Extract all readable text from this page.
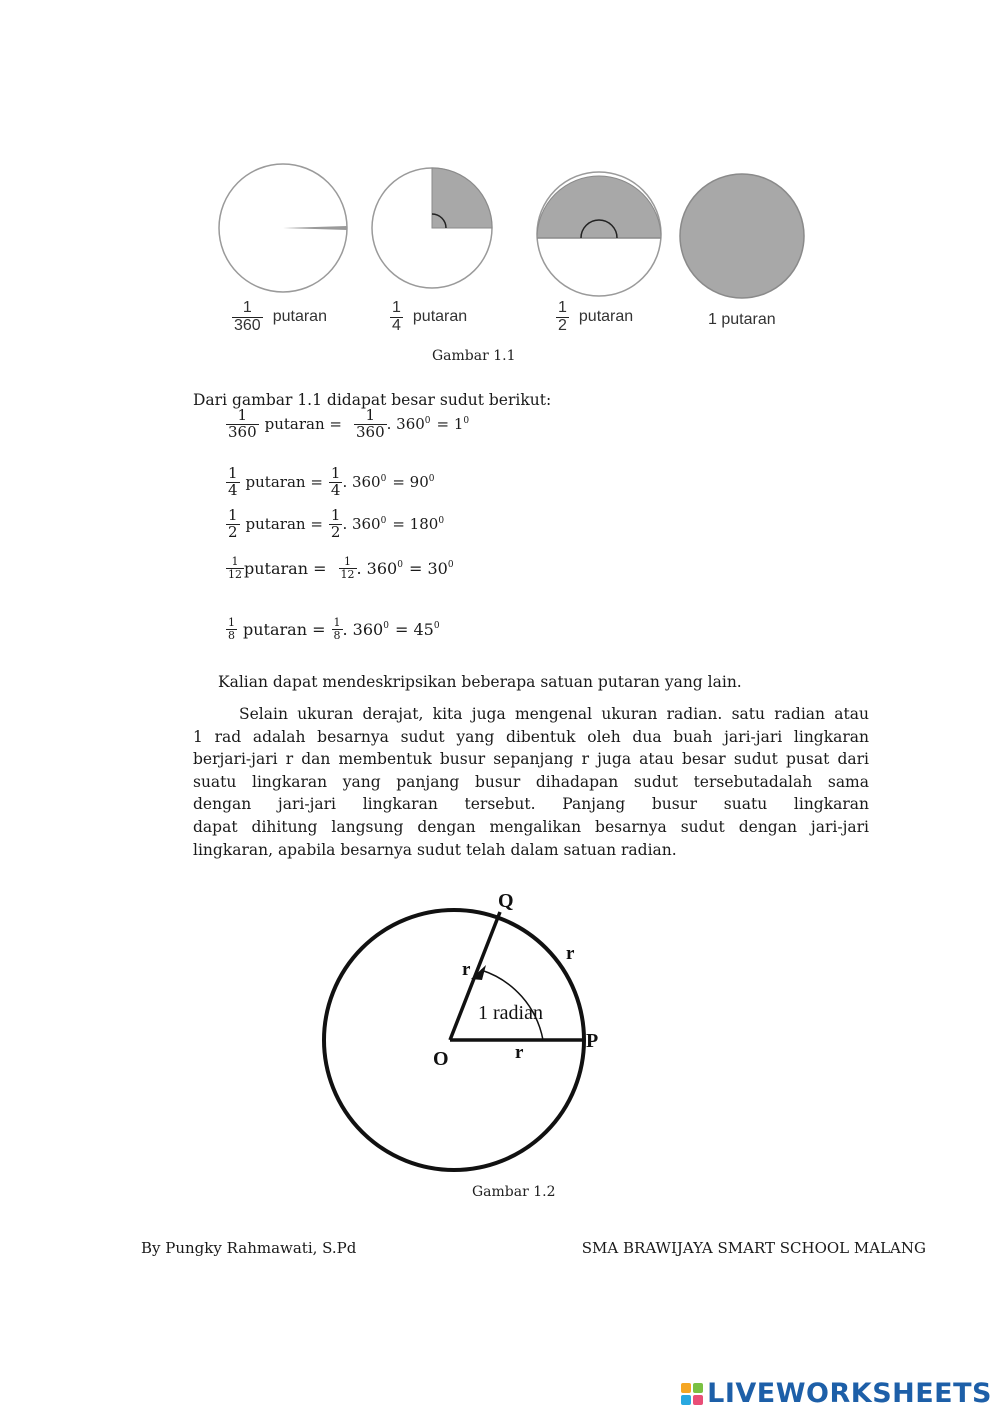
$\frac{1}{360}$ putaran	$\frac{1}{4}$ putaran	$\frac{1}{2}$ putaran	1 putaran
Gambar 1.1
Dari gambar 1.1 didapat besar sudut berikut:
$\frac{1}{360}$ putaran = $\frac{1}{360}$ . $360^0 = 1^0$
$\frac{1}{4}$ putaran = $\frac{1}{4}$ . $360^0 = 90^0$
$\frac{1}{2}$ putaran = $\frac{1}{2}$ . $360^0 = 180^0$
$\frac{1}{12}$ putaran = $\frac{1}{12}$ . $360^0 = 30^0$
$\frac{1}{8}$ putaran = $\frac{1}{8}$ . $360^0 = 45^0$
Kalian dapat mendeskripsikan beberapa satuan putaran yang lain.
Selain ukuran derajat, kita juga mengenal ukuran radian. satu radian atau
1 rad adalah besarnya sudut yang dibentuk oleh dua buah jari-jari lingkaran
berjari-jari r dan membentuk busur sepanjang r juga atau besar sudut pusat dari
suatu lingkaran yang panjang busur dihadapan sudut tersebutadalah sama
dengan jari-jari lingkaran tersebut. Panjang busur suatu lingkaran
dapat dihitung langsung dengan mengalikan besarnya sudut dengan jari-jari
lingkaran, apabila besarnya sudut telah dalam satuan radian.
Q
P
O
r
r
r
1 radian
Gambar 1.2
By Pungky Rahmawati, S.Pd	SMA BRAWIJAYA SMART SCHOOL MALANG
LIVEWORKSHEETS
